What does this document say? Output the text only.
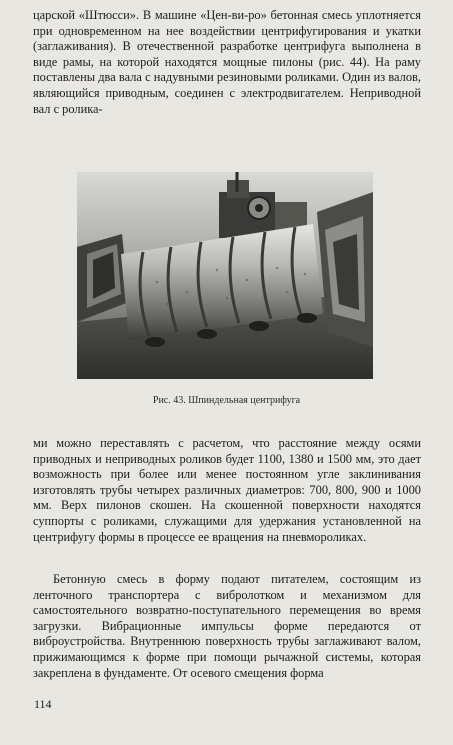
царской «Штюсси». В машине «Цен-ви-ро» бетонная смесь уплотняется при одновременном на нее воздействии центрифугирования и укатки (заглаживания). В отечественной разработке центрифуга выполнена в виде рамы, на которой находятся мощные пилоны (рис. 44). На раму поставлены два вала с надувными резиновыми роликами. Один из валов, являющийся приводным, соединен с электродвигателем. Неприводной вал с ролика-

Рис. 43. Шпиндельная центрифуга

ми можно переставлять с расчетом, что расстояние между осями приводных и неприводных роликов будет 1100, 1380 и 1500 мм, это дает возможность при более или менее постоянном угле заклинивания изготовлять трубы четырех различных диаметров: 700, 800, 900 и 1000 мм. Верх пилонов скошен. На скошенной поверхности находятся суппорты с роликами, служащими для удержания установленной на центрифугу формы в процессе ее вращения на пневмороликах.

Бетонную смесь в форму подают питателем, состоящим из ленточного транспортера с вибролотком и механизмом для самостоятельного возвратно-поступательного перемещения во время загрузки. Вибрационные импульсы форме передаются от виброустройства. Внутреннюю поверхность трубы заглаживают валом, прижимающимся к форме при помощи рычажной системы, которая закреплена в фундаменте. От осевого смещения форма

114
